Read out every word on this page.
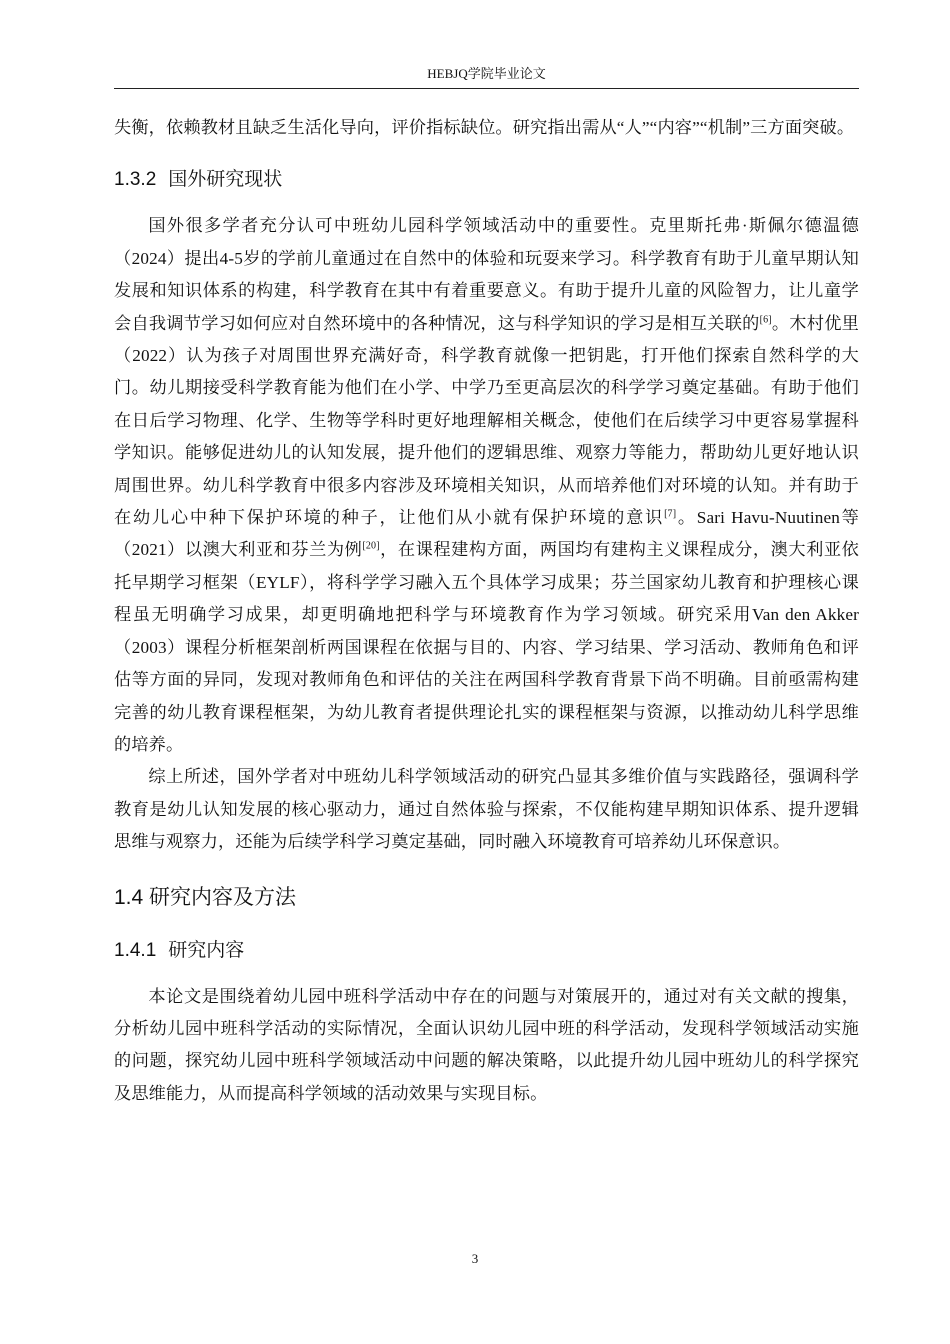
HEBJQ学院毕业论文

失衡，依赖教材且缺乏生活化导向，评价指标缺位。研究指出需从“人”“内容”“机制”三方面突破。

1.3.2 国外研究现状

国外很多学者充分认可中班幼儿园科学领域活动中的重要性。克里斯托弗·斯佩尔德温德（2024）提出4-5岁的学前儿童通过在自然中的体验和玩耍来学习。科学教育有助于儿童早期认知发展和知识体系的构建，科学教育在其中有着重要意义。有助于提升儿童的风险智力，让儿童学会自我调节学习如何应对自然环境中的各种情况，这与科学知识的学习是相互关联的[6]。木村优里（2022）认为孩子对周围世界充满好奇，科学教育就像一把钥匙，打开他们探索自然科学的大门。幼儿期接受科学教育能为他们在小学、中学乃至更高层次的科学学习奠定基础。有助于他们在日后学习物理、化学、生物等学科时更好地理解相关概念，使他们在后续学习中更容易掌握科学知识。能够促进幼儿的认知发展，提升他们的逻辑思维、观察力等能力，帮助幼儿更好地认识周围世界。幼儿科学教育中很多内容涉及环境相关知识，从而培养他们对环境的认知。并有助于在幼儿心中种下保护环境的种子，让他们从小就有保护环境的意识[7]。Sari Havu-Nuutinen等（2021）以澳大利亚和芬兰为例[20]，在课程建构方面，两国均有建构主义课程成分，澳大利亚依托早期学习框架（EYLF），将科学学习融入五个具体学习成果；芬兰国家幼儿教育和护理核心课程虽无明确学习成果，却更明确地把科学与环境教育作为学习领域。研究采用Van den Akker（2003）课程分析框架剖析两国课程在依据与目的、内容、学习结果、学习活动、教师角色和评估等方面的异同，发现对教师角色和评估的关注在两国科学教育背景下尚不明确。目前亟需构建完善的幼儿教育课程框架，为幼儿教育者提供理论扎实的课程框架与资源，以推动幼儿科学思维的培养。

综上所述，国外学者对中班幼儿科学领域活动的研究凸显其多维价值与实践路径，强调科学教育是幼儿认知发展的核心驱动力，通过自然体验与探索，不仅能构建早期知识体系、提升逻辑思维与观察力，还能为后续学科学习奠定基础，同时融入环境教育可培养幼儿环保意识。

1.4 研究内容及方法
1.4.1 研究内容

本论文是围绕着幼儿园中班科学活动中存在的问题与对策展开的，通过对有关文献的搜集，分析幼儿园中班科学活动的实际情况，全面认识幼儿园中班的科学活动，发现科学领域活动实施的问题，探究幼儿园中班科学领域活动中问题的解决策略，以此提升幼儿园中班幼儿的科学探究及思维能力，从而提高科学领域的活动效果与实现目标。

3
